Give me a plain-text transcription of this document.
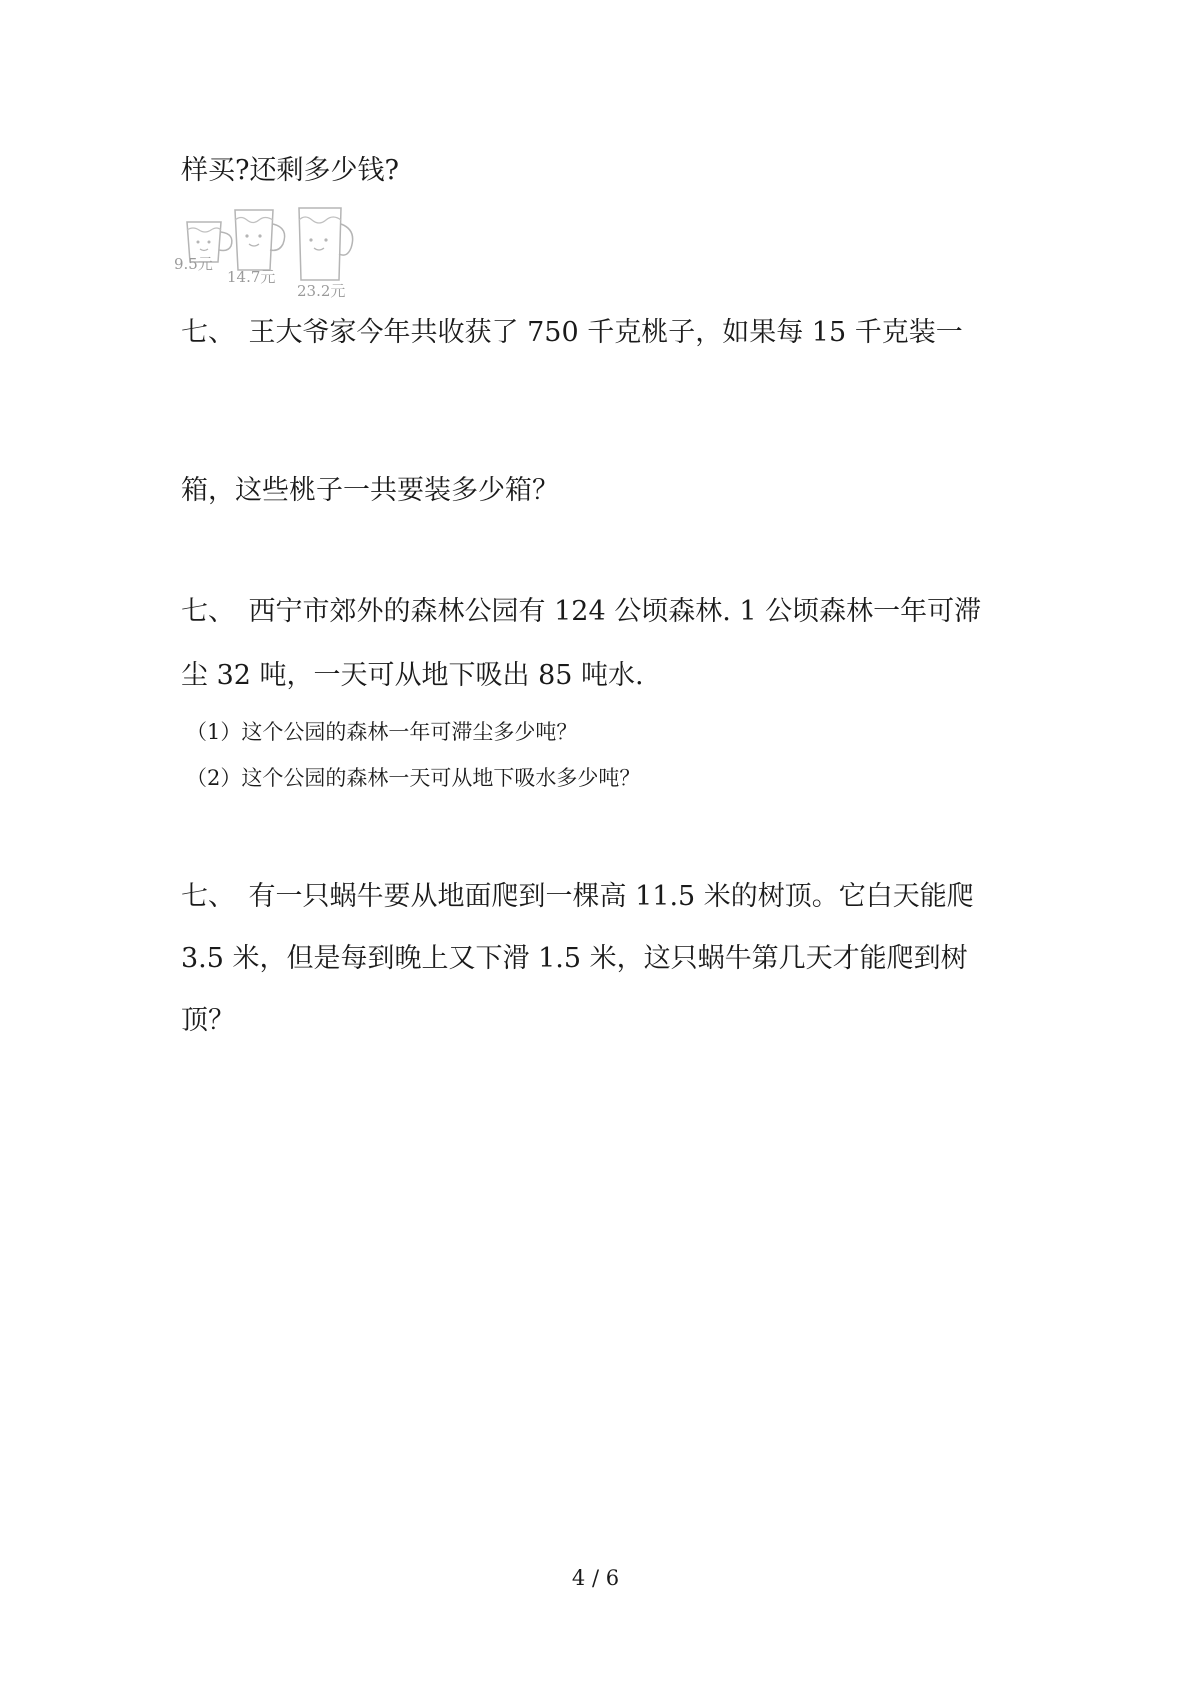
样买?还剩多少钱?
9.5元
14.7元
23.2元
七、　王大爷家今年共收获了 750 千克桃子，如果每 15 千克装一
箱，这些桃子一共要装多少箱？
七、　西宁市郊外的森林公园有 124 公顷森林. 1 公顷森林一年可滞
尘 32 吨，一天可从地下吸出 85 吨水.
（1）这个公园的森林一年可滞尘多少吨？
（2）这个公园的森林一天可从地下吸水多少吨？
七、　有一只蜗牛要从地面爬到一棵高 11.5 米的树顶。它白天能爬
3.5 米，但是每到晚上又下滑 1.5 米，这只蜗牛第几天才能爬到树
顶？
4 / 6
